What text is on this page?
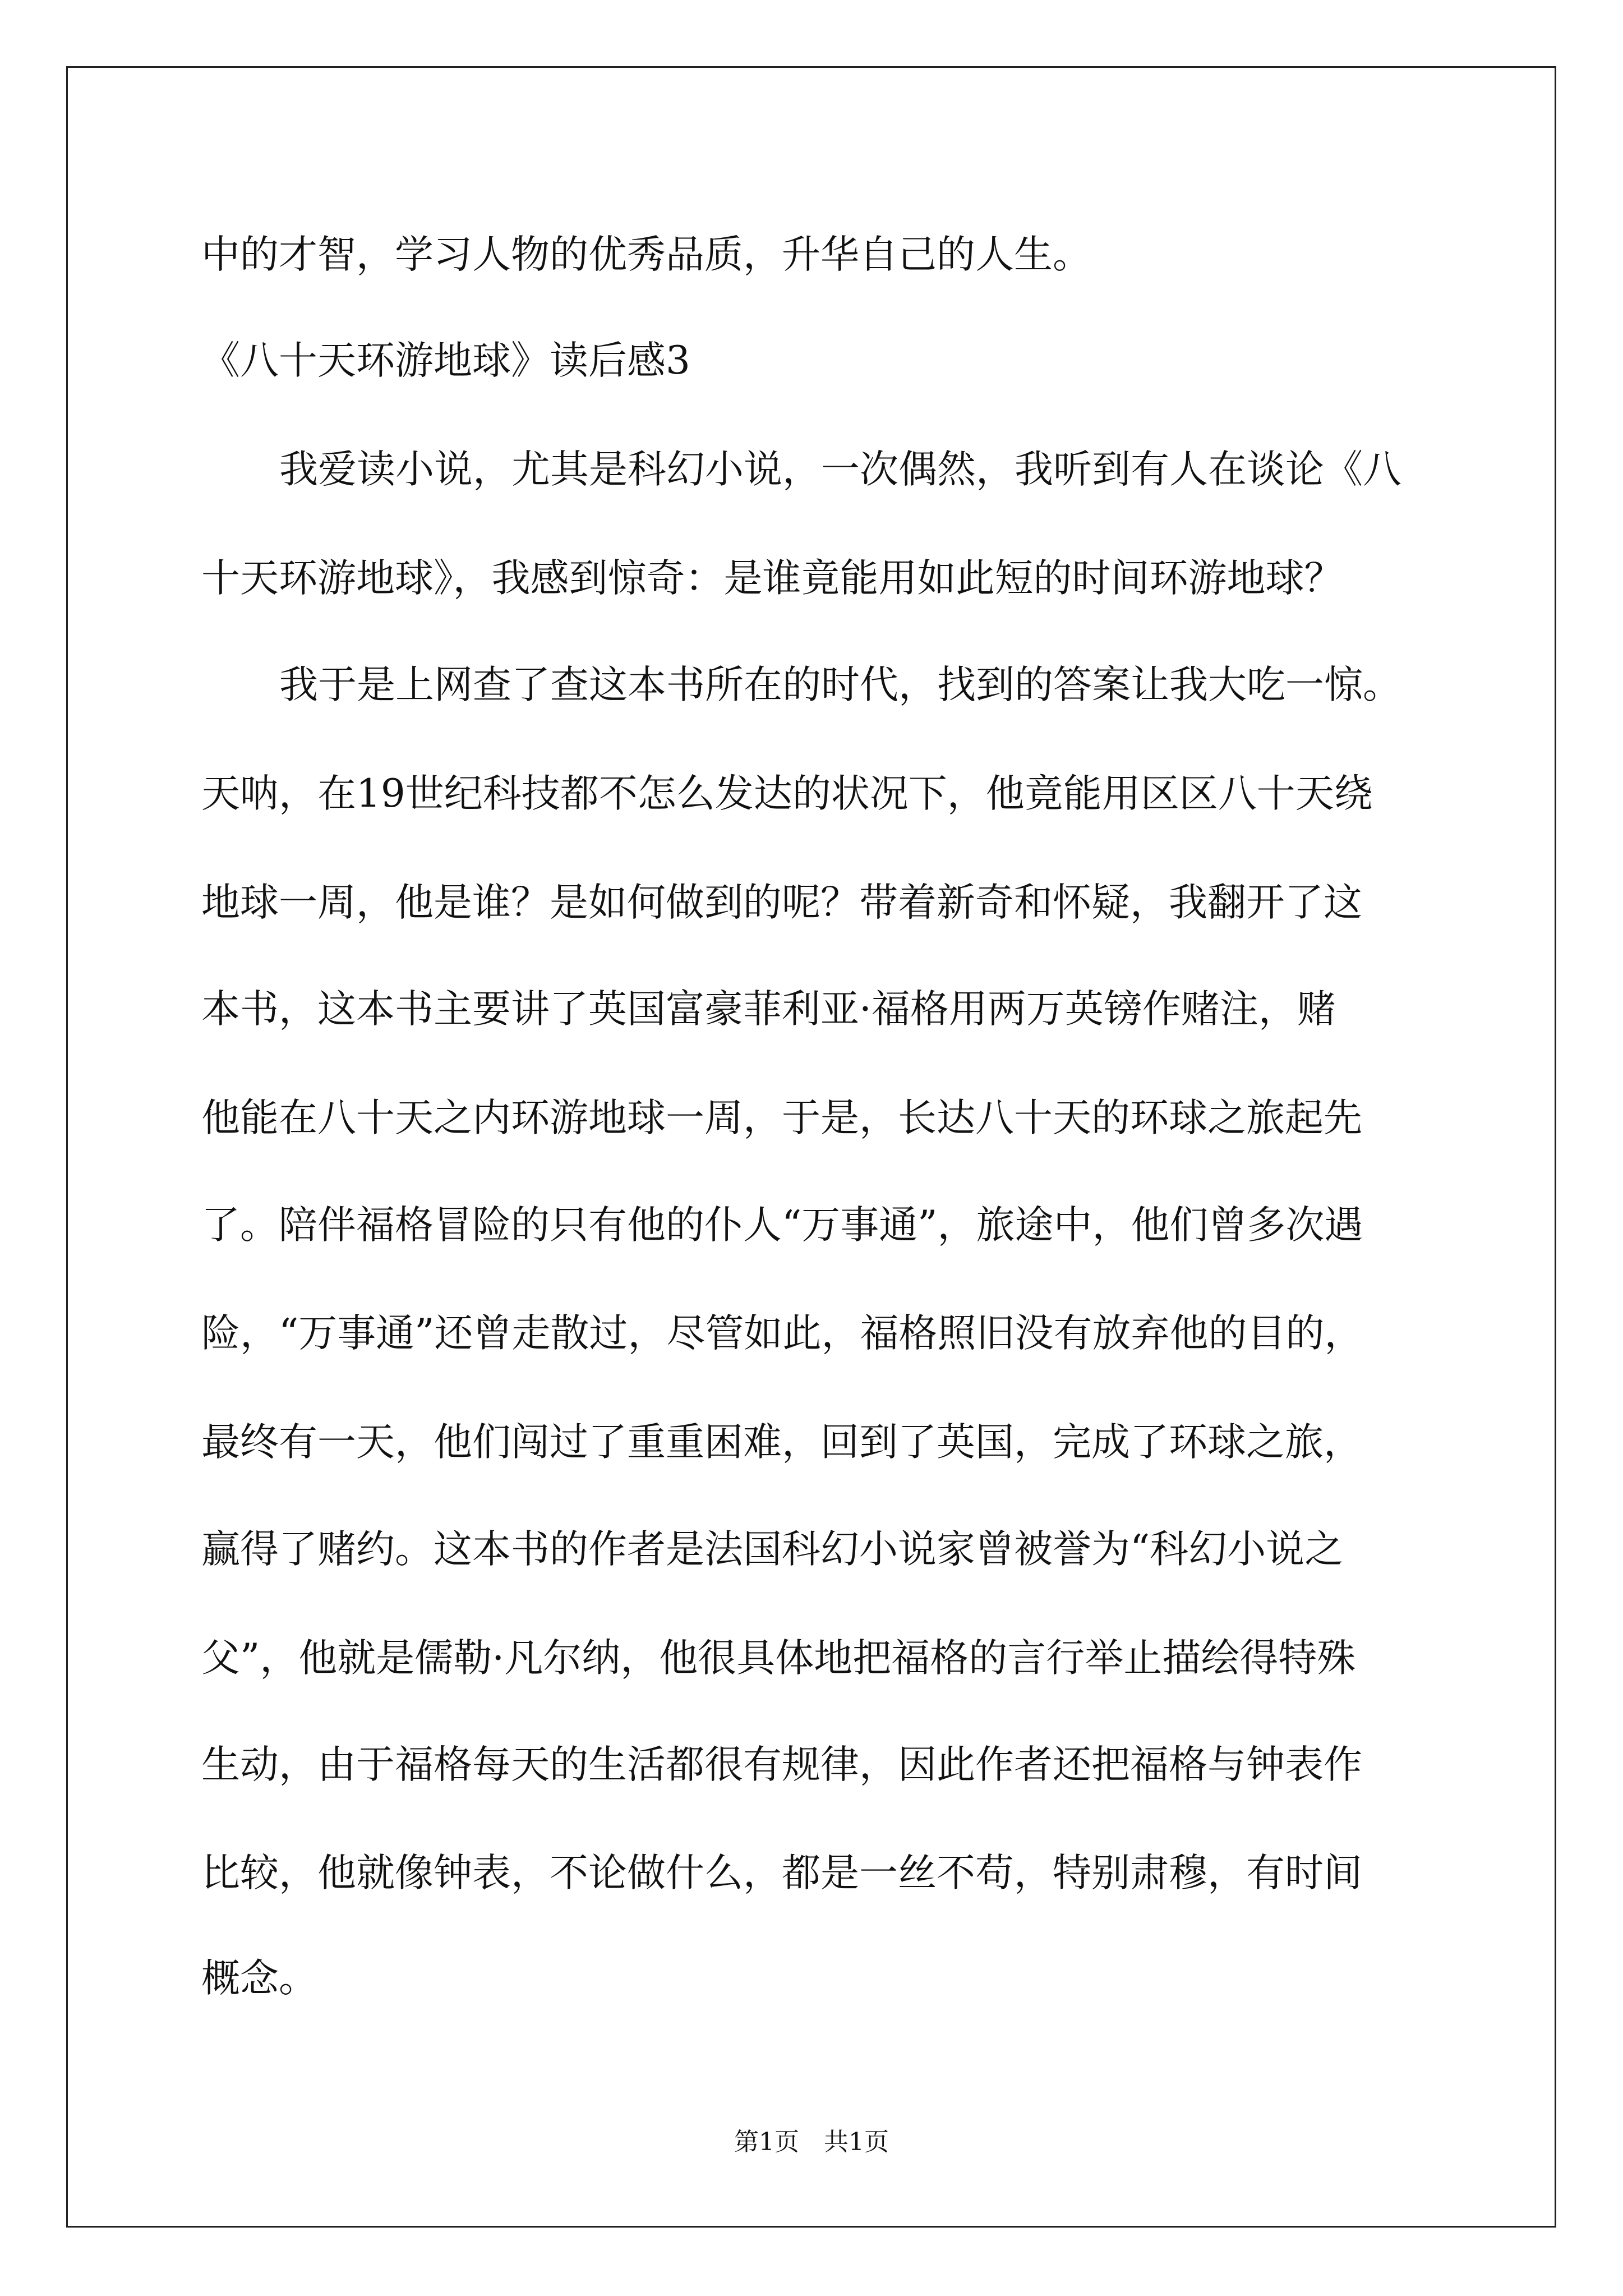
中的才智，学习人物的优秀品质，升华自己的人生。
《八十天环游地球》读后感3
我爱读小说，尤其是科幻小说，一次偶然，我听到有人在谈论《八
十天环游地球》，我感到惊奇：是谁竟能用如此短的时间环游地球？
我于是上网查了查这本书所在的时代，找到的答案让我大吃一惊。
天呐，在19世纪科技都不怎么发达的状况下，他竟能用区区八十天绕
地球一周，他是谁？是如何做到的呢？带着新奇和怀疑，我翻开了这
本书，这本书主要讲了英国富豪菲利亚·福格用两万英镑作赌注，赌
他能在八十天之内环游地球一周，于是，长达八十天的环球之旅起先
了。陪伴福格冒险的只有他的仆人“万事通”，旅途中，他们曾多次遇
险，“万事通”还曾走散过，尽管如此，福格照旧没有放弃他的目的，
最终有一天，他们闯过了重重困难，回到了英国，完成了环球之旅，
赢得了赌约。这本书的作者是法国科幻小说家曾被誉为“科幻小说之
父”，他就是儒勒·凡尔纳，他很具体地把福格的言行举止描绘得特殊
生动，由于福格每天的生活都很有规律，因此作者还把福格与钟表作
比较，他就像钟表，不论做什么，都是一丝不苟，特别肃穆，有时间
概念。
第1页　共1页
